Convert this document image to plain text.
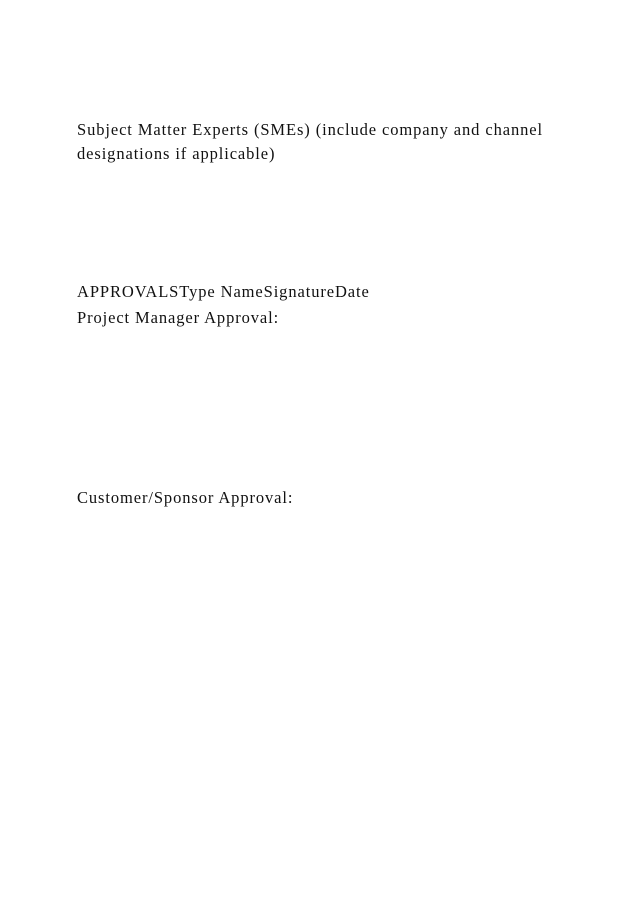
Subject Matter Experts (SMEs) (include company and channel designations if applicable)

APPROVALSType NameSignatureDate

Project Manager Approval:

Customer/Sponsor Approval:
